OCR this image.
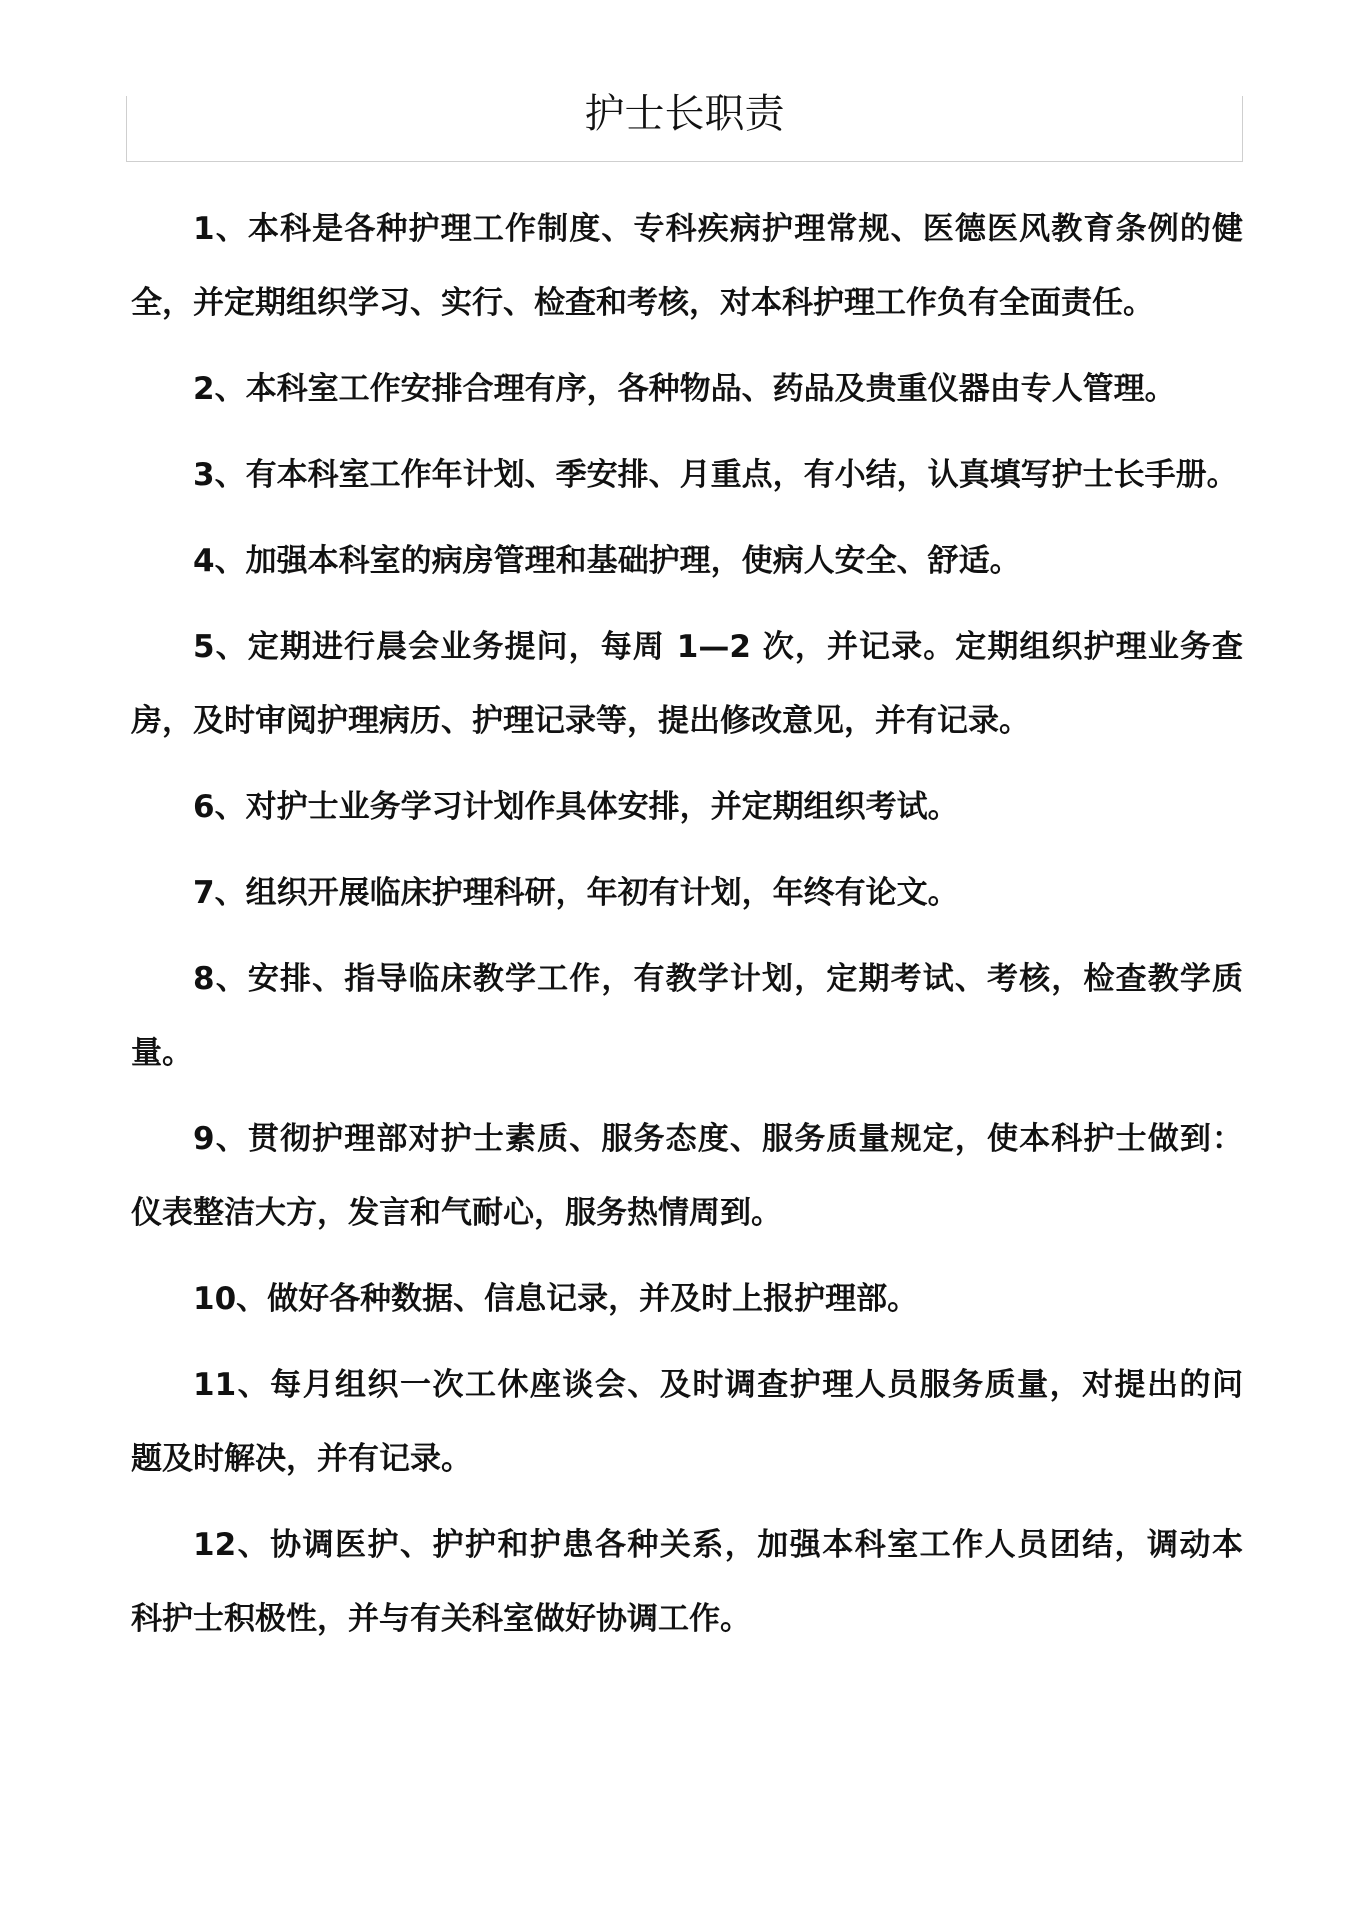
护士长职责

1、本科是各种护理工作制度、专科疾病护理常规、医德医风教育条例的健
全，并定期组织学习、实行、检查和考核，对本科护理工作负有全面责任。

2、本科室工作安排合理有序，各种物品、药品及贵重仪器由专人管理。

3、有本科室工作年计划、季安排、月重点，有小结，认真填写护士长手册。

4、加强本科室的病房管理和基础护理，使病人安全、舒适。

5、定期进行晨会业务提问，每周 1—2 次，并记录。定期组织护理业务查
房，及时审阅护理病历、护理记录等，提出修改意见，并有记录。

6、对护士业务学习计划作具体安排，并定期组织考试。

7、组织开展临床护理科研，年初有计划，年终有论文。

8、安排、指导临床教学工作，有教学计划，定期考试、考核，检查教学质
量。

9、贯彻护理部对护士素质、服务态度、服务质量规定，使本科护士做到：
仪表整洁大方，发言和气耐心，服务热情周到。

10、做好各种数据、信息记录，并及时上报护理部。

11、每月组织一次工休座谈会、及时调查护理人员服务质量，对提出的问
题及时解决，并有记录。

12、协调医护、护护和护患各种关系，加强本科室工作人员团结，调动本
科护士积极性，并与有关科室做好协调工作。
